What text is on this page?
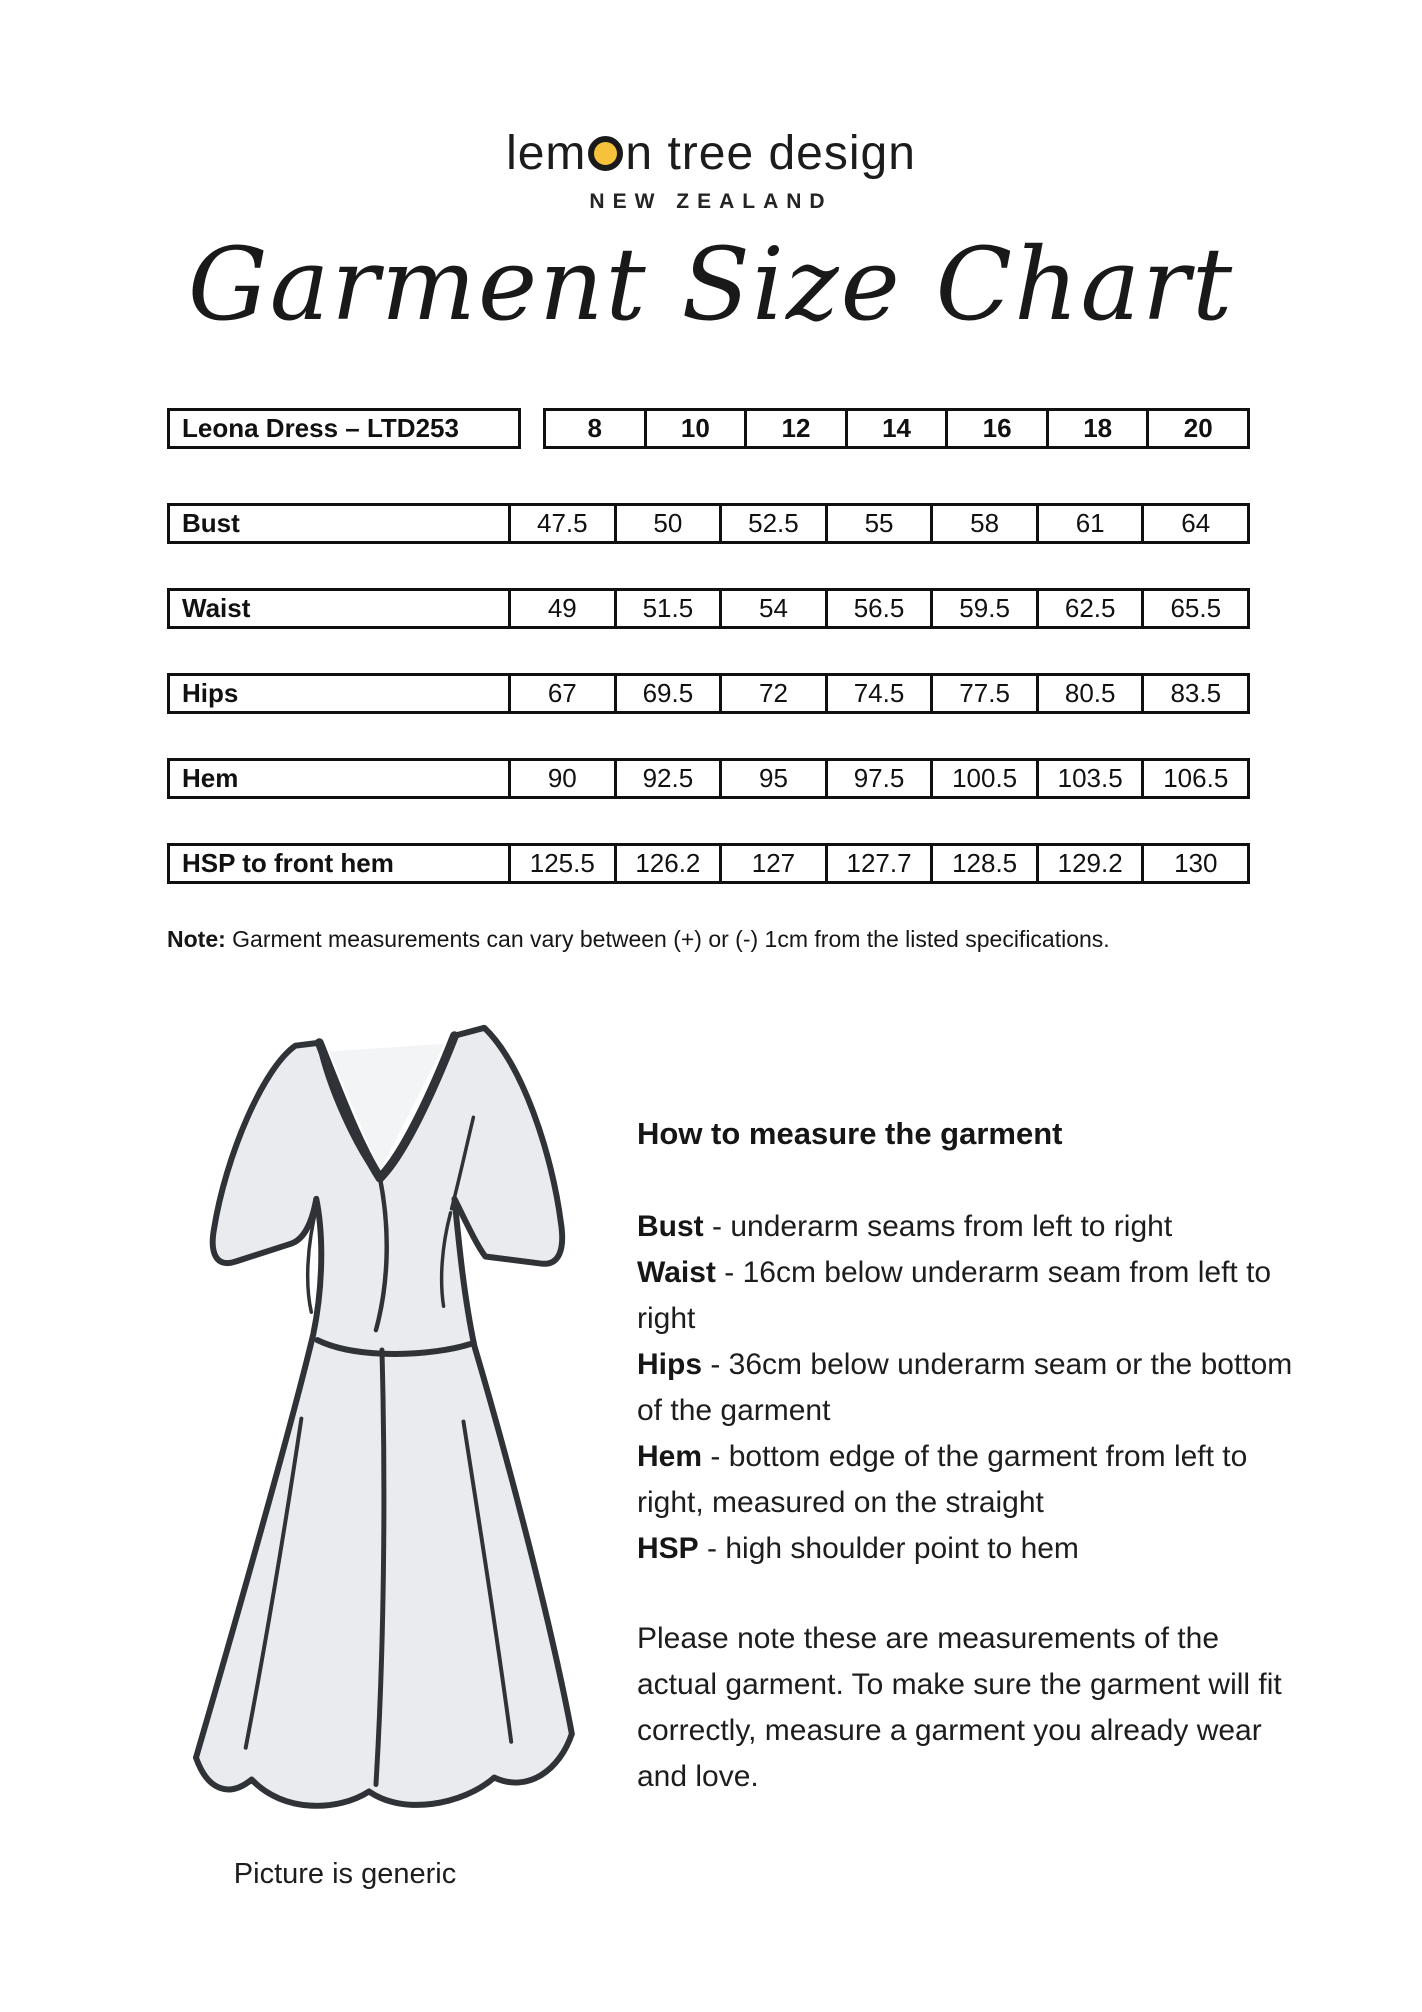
lem n tree design
NEW ZEALAND
Garment Size Chart
Leona Dress – LTD253	8	10	12	14	16	18	20
Bust	47.5	50	52.5	55	58	61	64
Waist	49	51.5	54	56.5	59.5	62.5	65.5
Hips	67	69.5	72	74.5	77.5	80.5	83.5
Hem	90	92.5	95	97.5	100.5	103.5	106.5
HSP to front hem	125.5	126.2	127	127.7	128.5	129.2	130
Note: Garment measurements can vary between (+) or (-) 1cm from the listed specifications.
Picture is generic
How to measure the garment
Bust - underarm seams from left to right
Waist - 16cm below underarm seam from left to right
Hips - 36cm below underarm seam or the bottom of the garment
Hem - bottom edge of the garment from left to right, measured on the straight
HSP - high shoulder point to hem
Please note these are measurements of the actual garment. To make sure the garment will fit correctly, measure a garment you already wear and love.
